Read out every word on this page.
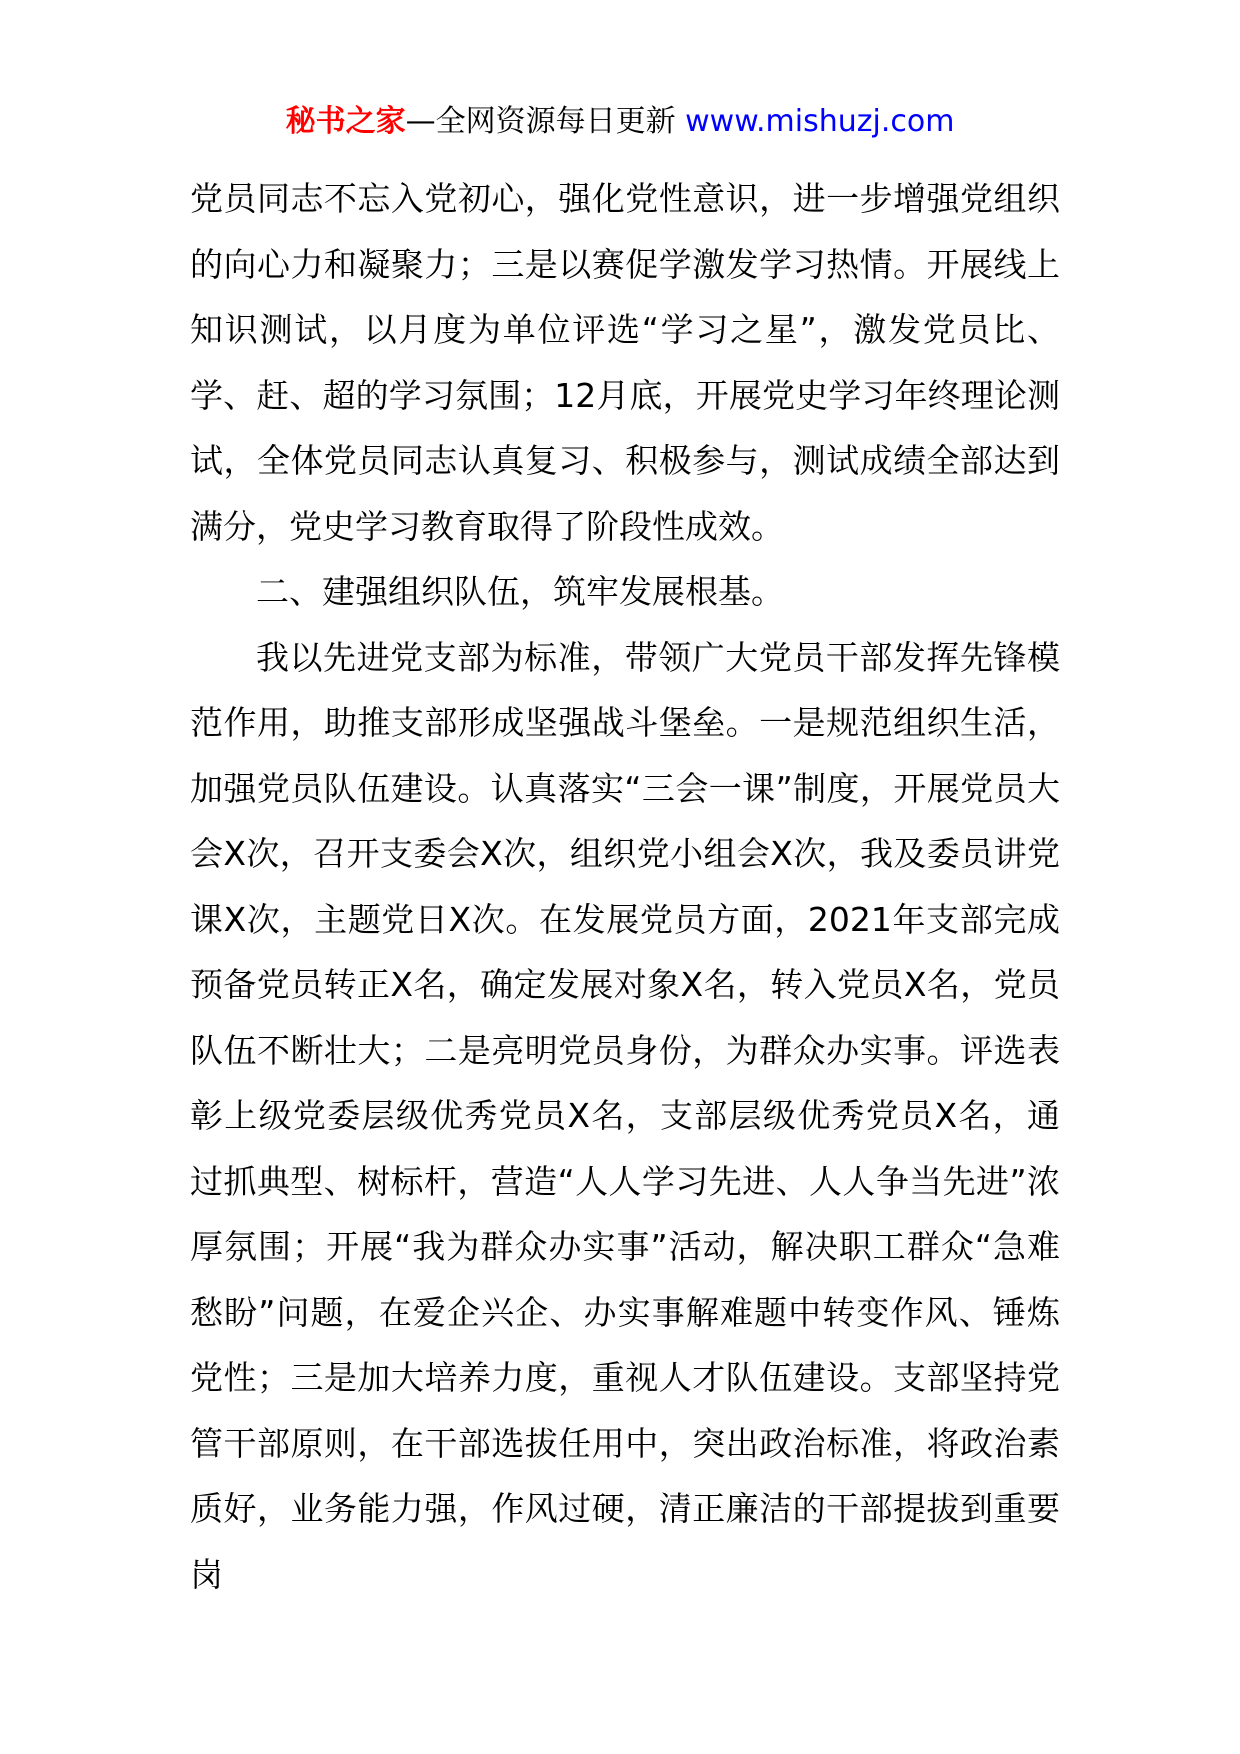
秘书之家—全网资源每日更新 www.mishuzj.com

党员同志不忘入党初心，强化党性意识，进一步增强党组织的向心力和凝聚力；三是以赛促学激发学习热情。开展线上知识测试，以月度为单位评选“学习之星”，激发党员比、学、赶、超的学习氛围；12月底，开展党史学习年终理论测试，全体党员同志认真复习、积极参与，测试成绩全部达到满分，党史学习教育取得了阶段性成效。

二、建强组织队伍，筑牢发展根基。

我以先进党支部为标准，带领广大党员干部发挥先锋模范作用，助推支部形成坚强战斗堡垒。一是规范组织生活，加强党员队伍建设。认真落实“三会一课”制度，开展党员大会X次，召开支委会X次，组织党小组会X次，我及委员讲党课X次，主题党日X次。在发展党员方面，2021年支部完成预备党员转正X名，确定发展对象X名，转入党员X名，党员队伍不断壮大；二是亮明党员身份，为群众办实事。评选表彰上级党委层级优秀党员X名，支部层级优秀党员X名，通过抓典型、树标杆，营造“人人学习先进、人人争当先进”浓厚氛围；开展“我为群众办实事”活动，解决职工群众“急难愁盼”问题，在爱企兴企、办实事解难题中转变作风、锤炼党性；三是加大培养力度，重视人才队伍建设。支部坚持党管干部原则，在干部选拔任用中，突出政治标准，将政治素质好，业务能力强，作风过硬，清正廉洁的干部提拔到重要岗
